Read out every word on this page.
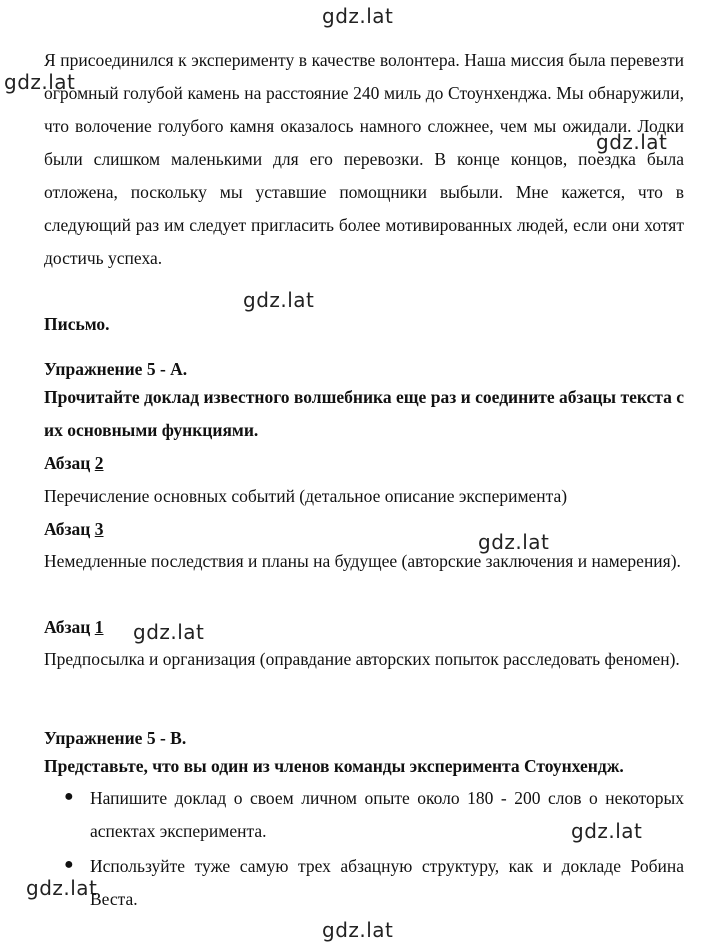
gdz.lat
gdz.lat
gdz.lat
gdz.lat
gdz.lat
gdz.lat
gdz.lat
gdz.lat
gdz.lat
Я присоединился к эксперименту в качестве волонтера. Наша миссия была перевезти огромный голубой камень на расстояние 240 миль до Стоунхенджа. Мы обнаружили, что волочение голубого камня оказалось намного сложнее, чем мы ожидали. Лодки были слишком маленькими для его перевозки. В конце концов, поездка была отложена, поскольку мы уставшие помощники выбыли. Мне кажется, что в следующий раз им следует пригласить более мотивированных людей, если они хотят достичь успеха.
Письмо.
Упражнение 5 - А.
Прочитайте доклад известного волшебника еще раз и соедините абзацы текста с их основными функциями.
Абзац 2
Перечисление основных событий (детальное описание эксперимента)
Абзац 3
Немедленные последствия и планы на будущее (авторские заключения и намерения).
Абзац 1
Предпосылка и организация (оправдание авторских попыток расследовать феномен).
Упражнение 5 - В.
Представьте, что вы один из членов команды эксперимента Стоунхендж.
● Напишите доклад о своем личном опыте около 180 - 200 слов о некоторых аспектах эксперимента.
● Используйте туже самую трех абзацную структуру, как и докладе Робина Веста.
